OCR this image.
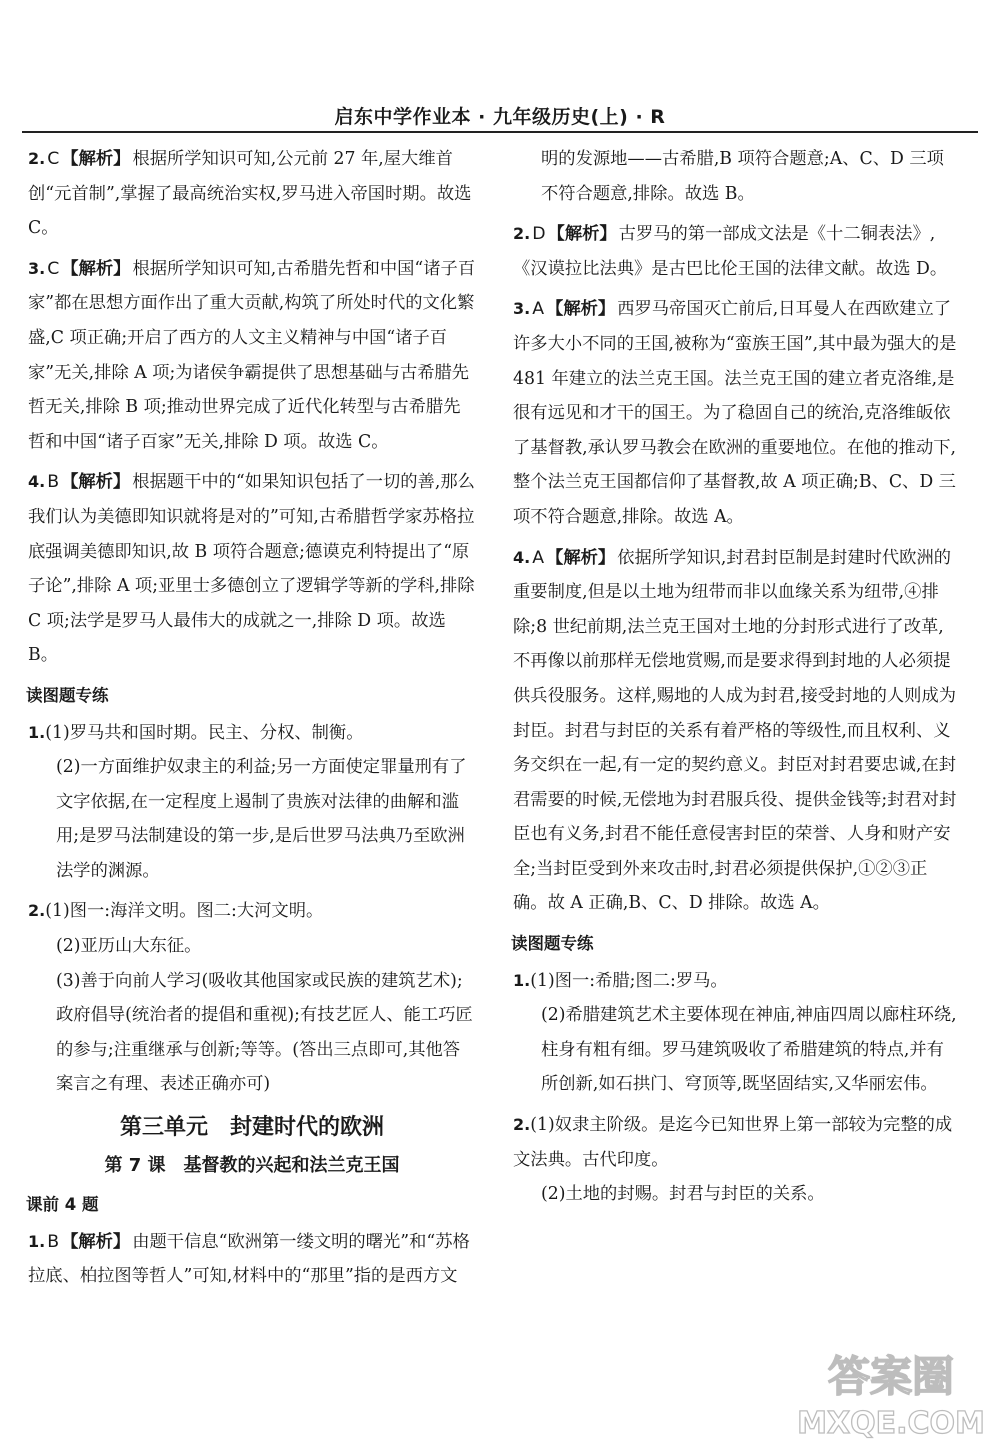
启东中学作业本 · 九年级历史(上) · R
2. C 【解析】 根据所学知识可知,公元前 27 年,屋大维首创“元首制”,掌握了最高统治实权,罗马进入帝国时期。故选 C。
3. C 【解析】 根据所学知识可知,古希腊先哲和中国“诸子百家”都在思想方面作出了重大贡献,构筑了所处时代的文化繁盛,C 项正确;开启了西方的人文主义精神与中国“诸子百家”无关,排除 A 项;为诸侯争霸提供了思想基础与古希腊先哲无关,排除 B 项;推动世界完成了近代化转型与古希腊先哲和中国“诸子百家”无关,排除 D 项。故选 C。
4. B 【解析】 根据题干中的“如果知识包括了一切的善,那么我们认为美德即知识就将是对的”可知,古希腊哲学家苏格拉底强调美德即知识,故 B 项符合题意;德谟克利特提出了“原子论”,排除 A 项;亚里士多德创立了逻辑学等新的学科,排除 C 项;法学是罗马人最伟大的成就之一,排除 D 项。故选 B。
读图题专练
1.(1)罗马共和国时期。民主、分权、制衡。
(2)一方面维护奴隶主的利益;另一方面使定罪量刑有了文字依据,在一定程度上遏制了贵族对法律的曲解和滥用;是罗马法制建设的第一步,是后世罗马法典乃至欧洲法学的渊源。
2.(1)图一:海洋文明。图二:大河文明。
(2)亚历山大东征。
(3)善于向前人学习(吸收其他国家或民族的建筑艺术);政府倡导(统治者的提倡和重视);有技艺匠人、能工巧匠的参与;注重继承与创新;等等。(答出三点即可,其他答案言之有理、表述正确亦可)
第三单元　封建时代的欧洲
第 7 课　基督教的兴起和法兰克王国
课前 4 题
1. B 【解析】 由题干信息“欧洲第一缕文明的曙光”和“苏格拉底、柏拉图等哲人”可知,材料中的“那里”指的是西方文
明的发源地——古希腊,B 项符合题意;A、C、D 三项不符合题意,排除。故选 B。
2. D 【解析】 古罗马的第一部成文法是《十二铜表法》,《汉谟拉比法典》是古巴比伦王国的法律文献。故选 D。
3. A 【解析】 西罗马帝国灭亡前后,日耳曼人在西欧建立了许多大小不同的王国,被称为“蛮族王国”,其中最为强大的是 481 年建立的法兰克王国。法兰克王国的建立者克洛维,是很有远见和才干的国王。为了稳固自己的统治,克洛维皈依了基督教,承认罗马教会在欧洲的重要地位。在他的推动下,整个法兰克王国都信仰了基督教,故 A 项正确;B、C、D 三项不符合题意,排除。故选 A。
4. A 【解析】 依据所学知识,封君封臣制是封建时代欧洲的重要制度,但是以土地为纽带而非以血缘关系为纽带,④排除;8 世纪前期,法兰克王国对土地的分封形式进行了改革,不再像以前那样无偿地赏赐,而是要求得到封地的人必须提供兵役服务。这样,赐地的人成为封君,接受封地的人则成为封臣。封君与封臣的关系有着严格的等级性,而且权利、义务交织在一起,有一定的契约意义。封臣对封君要忠诚,在封君需要的时候,无偿地为封君服兵役、提供金钱等;封君对封臣也有义务,封君不能任意侵害封臣的荣誉、人身和财产安全;当封臣受到外来攻击时,封君必须提供保护,①②③正确。故 A 正确,B、C、D 排除。故选 A。
读图题专练
1.(1)图一:希腊;图二:罗马。
(2)希腊建筑艺术主要体现在神庙,神庙四周以廊柱环绕,柱身有粗有细。罗马建筑吸收了希腊建筑的特点,并有所创新,如石拱门、穹顶等,既坚固结实,又华丽宏伟。
2.(1)奴隶主阶级。是迄今已知世界上第一部较为完整的成文法典。古代印度。
(2)土地的封赐。封君与封臣的关系。
答案圈
MXQE.COM
